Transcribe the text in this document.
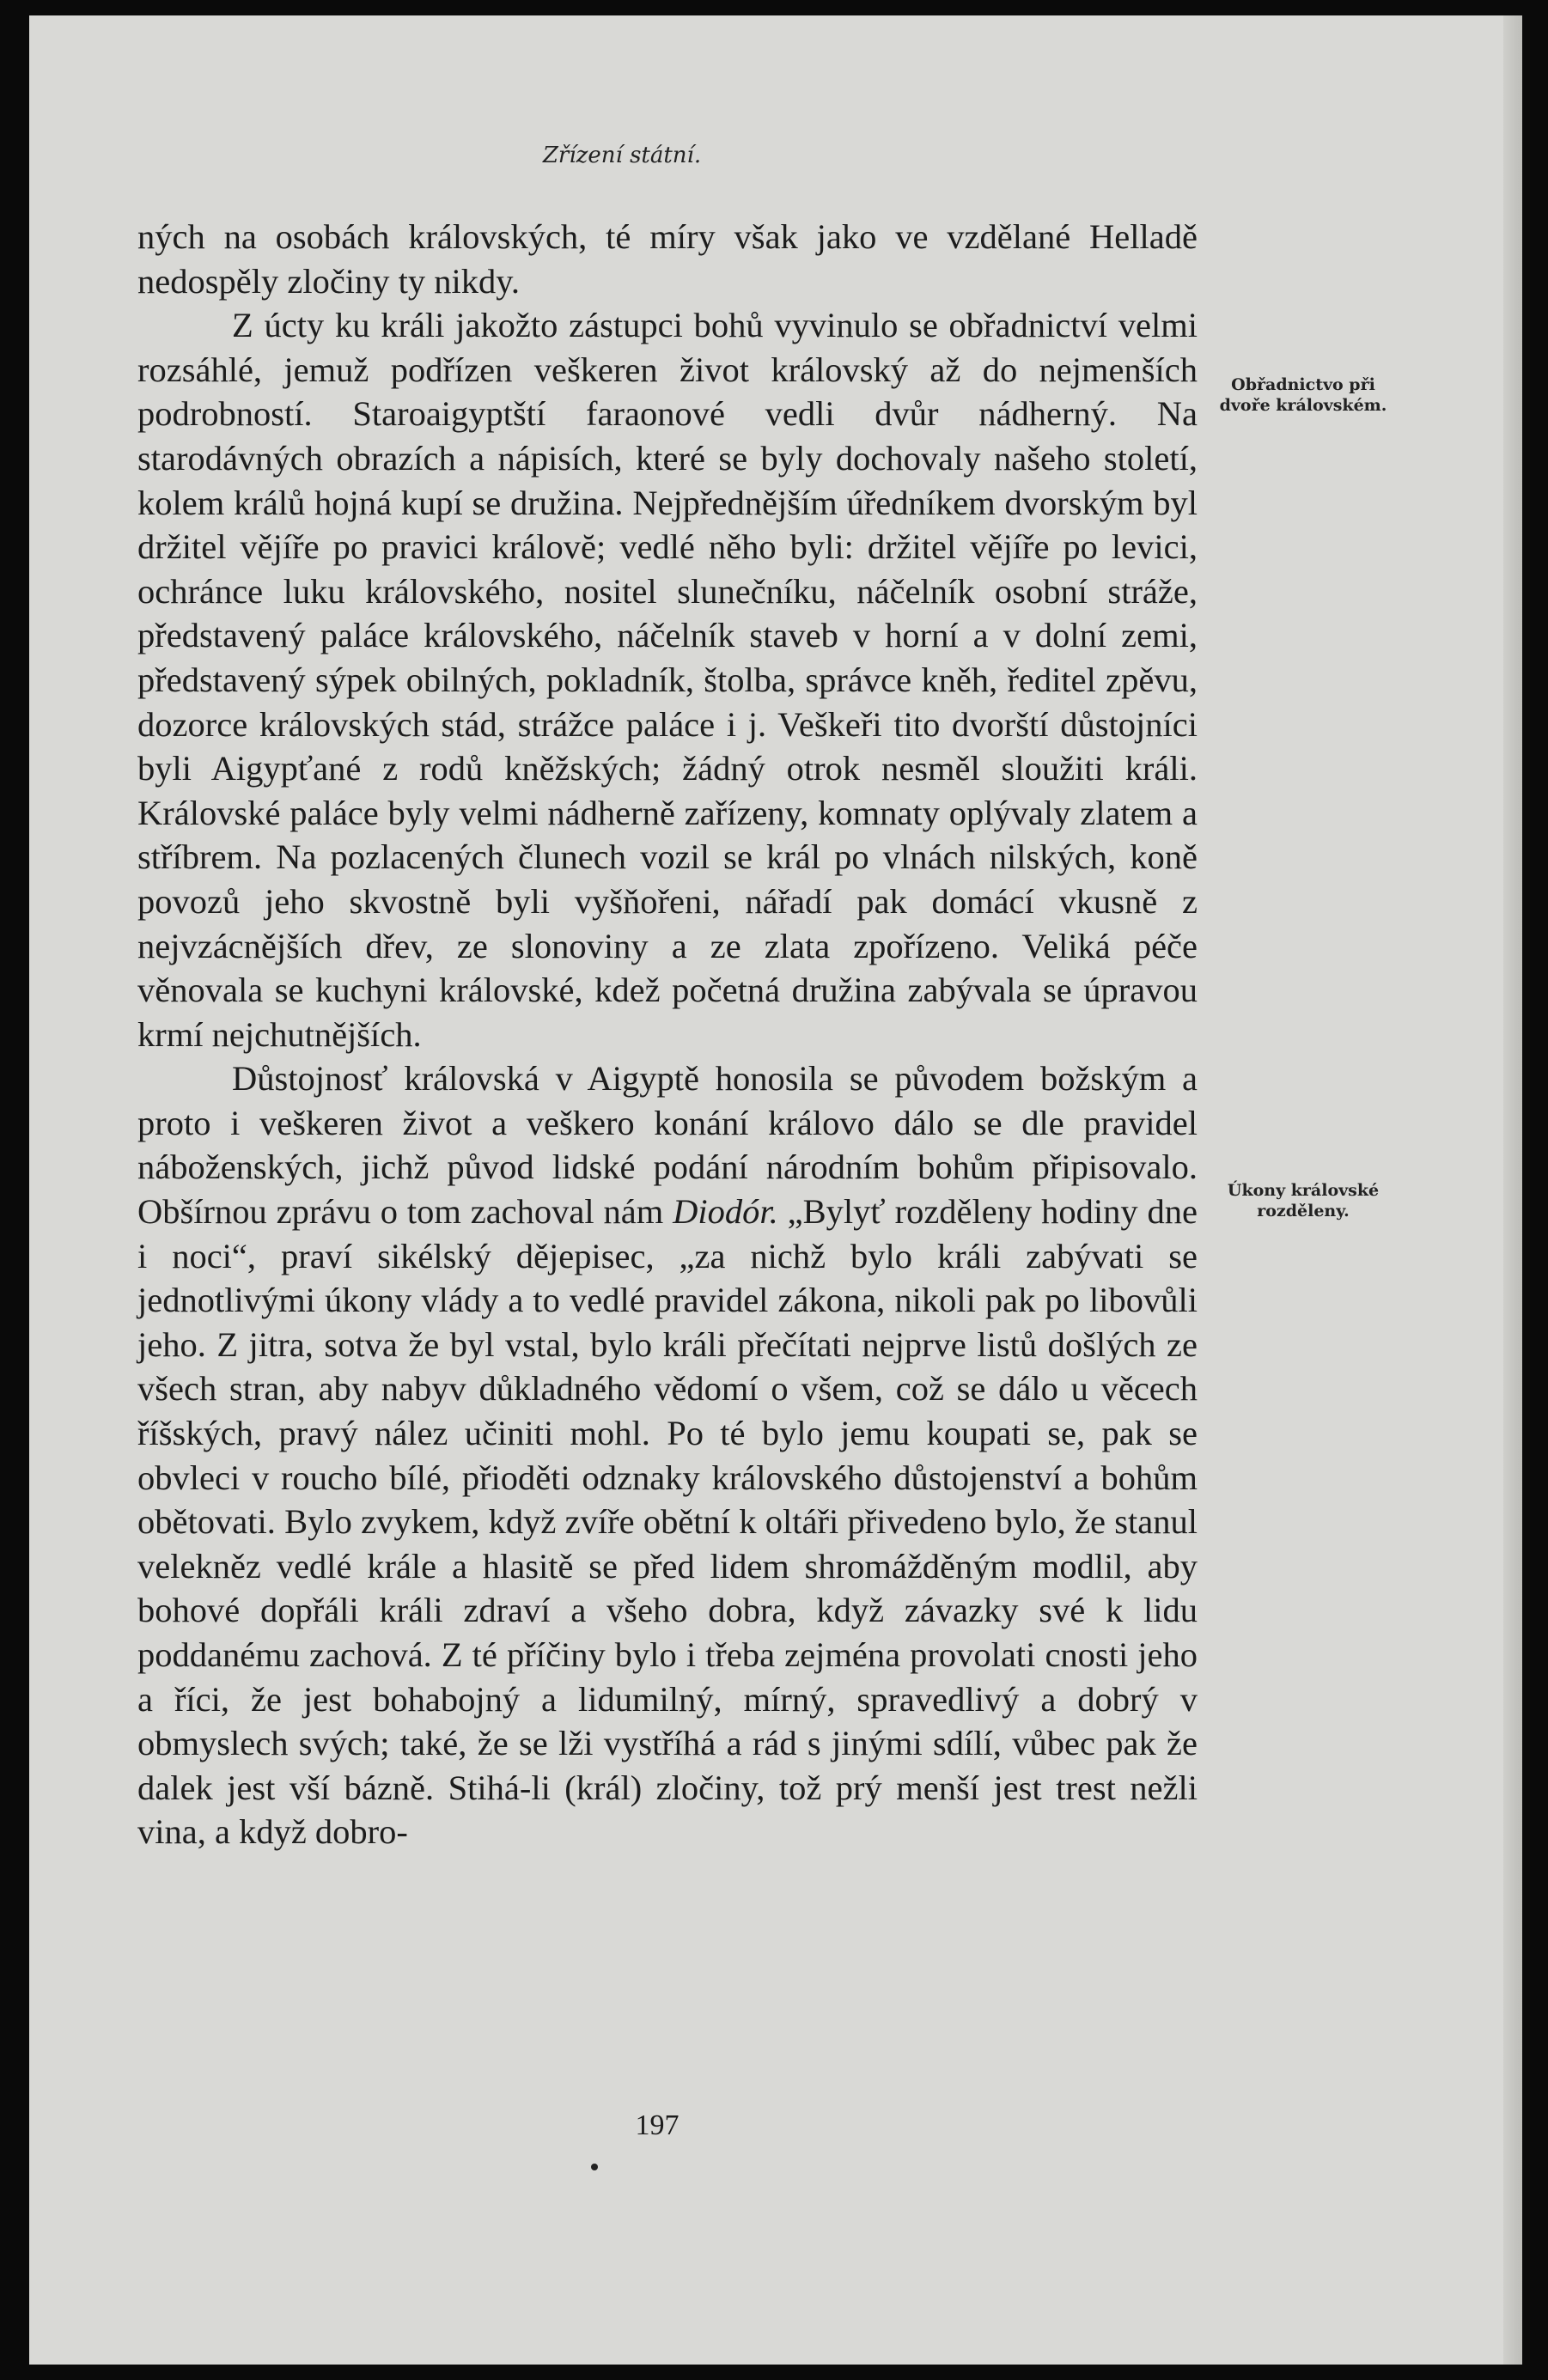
Zřízení státní.

ných na osobách královských, té míry však jako ve vzdělané Helladě nedospěly zločiny ty nikdy.

Z úcty ku králi jakožto zástupci bohů vyvinulo se obřadnictví velmi rozsáhlé, jemuž podřízen veškeren život královský až do nejmenších podrobností. Staroaigyptští faraonové vedli dvůr nádherný. Na starodávných obrazích a nápisích, které se byly dochovaly našeho století, kolem králů hojná kupí se družina. Nejpřednějším úředníkem dvorským byl držitel vějíře po pravici královĕ; vedlé něho byli: držitel vějíře po levici, ochránce luku královského, nositel slunečníku, náčelník osobní stráže, představený paláce královského, náčelník staveb v horní a v dolní zemi, představený sýpek obilných, pokladník, štolba, správce kněh, ředitel zpěvu, dozorce královských stád, strážce paláce i j. Veškeři tito dvorští důstojníci byli Aigypťané z rodů kněžských; žádný otrok nesměl sloužiti králi. Královské paláce byly velmi nádherně zařízeny, komnaty oplývaly zlatem a stříbrem. Na pozlacených člunech vozil se král po vlnách nilských, koně povozů jeho skvostně byli vyšňořeni, nářadí pak domácí vkusně z nejvzácnějších dřev, ze slonoviny a ze zlata zpořízeno. Veliká péče věnovala se kuchyni královské, kdež početná družina zabývala se úpravou krmí nejchutnějších.

Důstojnosť královská v Aigyptě honosila se původem božským a proto i veškeren život a veškero konání královo dálo se dle pravidel náboženských, jichž původ lidské podání národním bohům připisovalo. Obšírnou zprávu o tom zachoval nám Diodór. „Bylyť rozděleny hodiny dne i noci“, praví sikélský dějepisec, „za nichž bylo králi zabývati se jednotlivými úkony vlády a to vedlé pravidel zákona, nikoli pak po libovůli jeho. Z jitra, sotva že byl vstal, bylo králi přečítati nejprve listů došlých ze všech stran, aby nabyv důkladného vědomí o všem, což se dálo u věcech říšských, pravý nález učiniti mohl. Po té bylo jemu koupati se, pak se obvleci v roucho bílé, přioděti odznaky královského důstojenství a bohům obětovati. Bylo zvykem, když zvíře obětní k oltáři přivedeno bylo, že stanul velekněz vedlé krále a hlasitě se před lidem shromážděným modlil, aby bohové dopřáli králi zdraví a všeho dobra, když závazky své k lidu poddanému zachová. Z té příčiny bylo i třeba zejména provolati cnosti jeho a říci, že jest bohabojný a lidumilný, mírný, spravedlivý a dobrý v obmyslech svých; také, že se lži vystříhá a rád s jinými sdílí, vůbec pak že dalek jest vší bázně. Stihá-li (král) zločiny, tož prý menší jest trest nežli vina, a když dobro-

Obřadnictvo při dvoře královském.
Úkony královské rozděleny.
197
